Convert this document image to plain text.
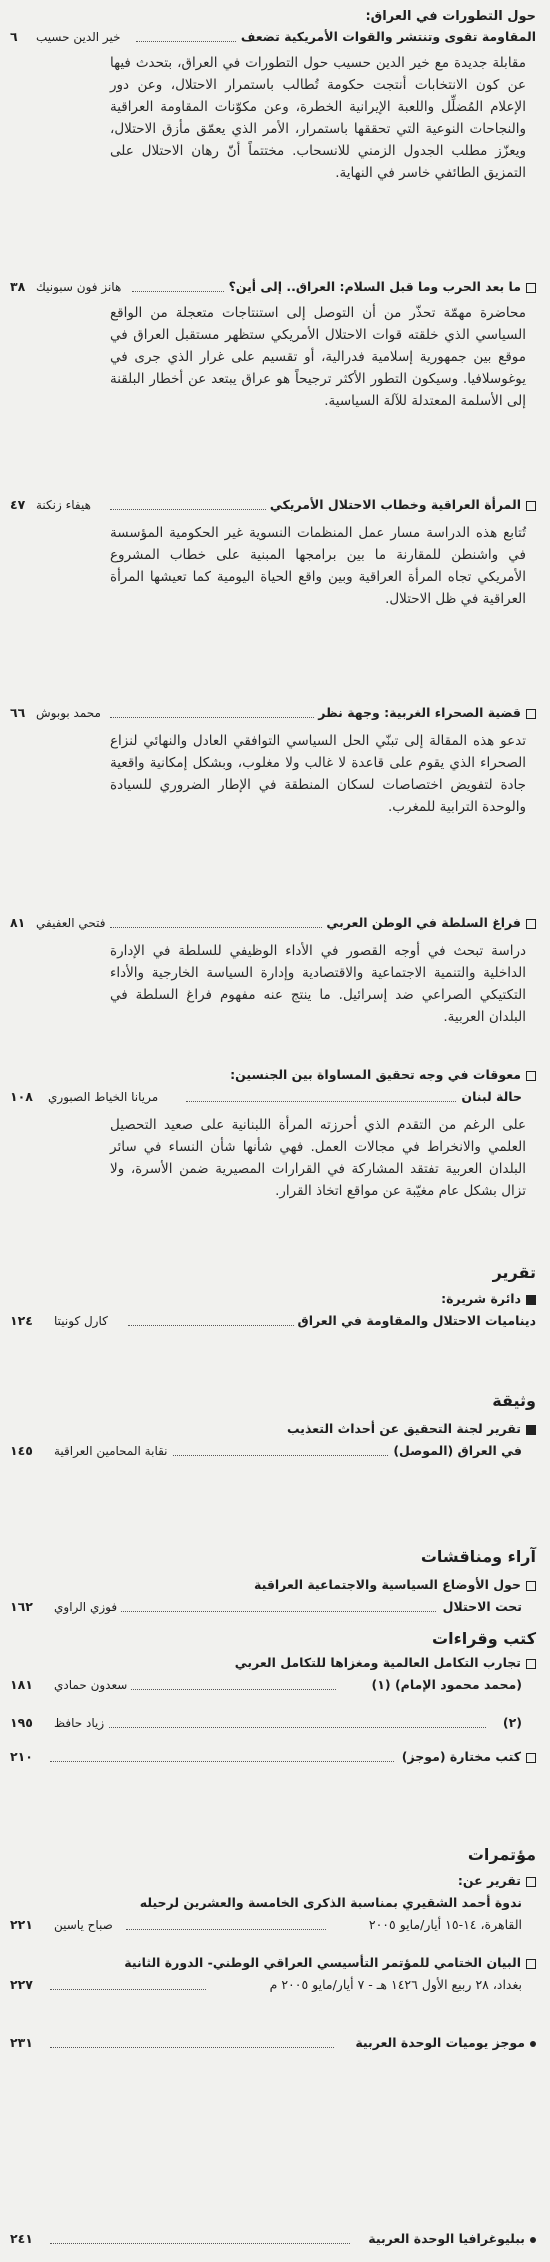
حول التطورات في العراق:
المقاومة تقوى وتنتشر والقوات الأمريكية تضعف
خير الدين حسيب
٦
مقابلة جديدة مع خير الدين حسيب حول التطورات في العراق، بتحدث فيها عن كون الانتخابات أنتجت حكومة تُطالب باستمرار الاحتلال، وعن دور الإعلام المُضلِّل واللعبة الإيرانية الخطرة، وعن مكوّنات المقاومة العراقية والنجاحات النوعية التي تحققها باستمرار، الأمر الذي يعمّق مأزق الاحتلال، ويعزّز مطلب الجدول الزمني للانسحاب. مختتماً أنّ رهان الاحتلال على التمزيق الطائفي خاسر في النهاية.
ما بعد الحرب وما قبل السلام: العراق.. إلى أين؟
هانز فون سبونيك
٣٨
محاضرة مهمّة تحذّر من أن التوصل إلى استنتاجات متعجلة من الواقع السياسي الذي خلقته قوات الاحتلال الأمريكي ستظهر مستقبل العراق في موقع بين جمهورية إسلامية فدرالية، أو تقسيم على غرار الذي جرى في يوغوسلافيا. وسيكون التطور الأكثر ترجيحاً هو عراق يبتعد عن أخطار البلقنة إلى الأسلمة المعتدلة للآلة السياسية.
المرأة العراقية وخطاب الاحتلال الأمريكي
هيفاء زنكنة
٤٧
تُتابع هذه الدراسة مسار عمل المنظمات النسوية غير الحكومية المؤسسة في واشنطن للمقارنة ما بين برامجها المبنية على خطاب المشروع الأمريكي تجاه المرأة العراقية وبين واقع الحياة اليومية كما تعيشها المرأة العراقية في ظل الاحتلال.
قضية الصحراء الغربية: وجهة نظر
محمد بوبوش
٦٦
تدعو هذه المقالة إلى تبنّي الحل السياسي التوافقي العادل والنهائي لنزاع الصحراء الذي يقوم على قاعدة لا غالب ولا مغلوب، وبشكل إمكانية واقعية جادة لتفويض اختصاصات لسكان المنطقة في الإطار الضروري للسيادة والوحدة الترابية للمغرب.
فراغ السلطة في الوطن العربي
فتحي العفيفي
٨١
دراسة تبحث في أوجه القصور في الأداء الوظيفي للسلطة في الإدارة الداخلية والتنمية الاجتماعية والاقتصادية وإدارة السياسة الخارجية والأداء التكتيكي الصراعي ضد إسرائيل. ما ينتج عنه مفهوم فراغ السلطة في البلدان العربية.
معوقات في وجه تحقيق المساواة بين الجنسين:
حالة لبنان
مريانا الخياط الصبوري
١٠٨
على الرغم من التقدم الذي أحرزته المرأة اللبنانية على صعيد التحصيل العلمي والانخراط في مجالات العمل. فهي شأنها شأن النساء في سائر البلدان العربية تفتقد المشاركة في القرارات المصيرية ضمن الأسرة، ولا تزال بشكل عام مغيّبة عن مواقع اتخاذ القرار.
تقرير
دائرة شريرة:
ديناميات الاحتلال والمقاومة في العراق
كارل كونيتا
١٢٤
وثيقة
تقرير لجنة التحقيق عن أحداث التعذيب
في العراق (الموصل)
نقابة المحامين العراقية
١٤٥
آراء ومناقشات
حول الأوضاع السياسية والاجتماعية العراقية
تحت الاحتلال
فوزي الراوي
١٦٢
كتب وقراءات
تجارب التكامل العالمية ومغزاها للتكامل العربي
(محمد محمود الإمام) (١)
سعدون حمادي
١٨١
(٢)
زياد حافظ
١٩٥
كتب مختارة (موجز)
٢١٠
مؤتمرات
تقرير عن:
ندوة أحمد الشقيري بمناسبة الذكرى الخامسة والعشرين لرحيله
القاهرة، ١٤-١٥ أيار/مايو ٢٠٠٥
صباح ياسين
٢٢١
البيان الختامي للمؤتمر التأسيسي العراقي الوطني- الدورة الثانية
بغداد، ٢٨ ربيع الأول ١٤٢٦ هـ - ٧ أيار/مايو ٢٠٠٥ م
٢٢٧
موجز يوميات الوحدة العربية
٢٣١
ببليوغرافيا الوحدة العربية
٢٤١
